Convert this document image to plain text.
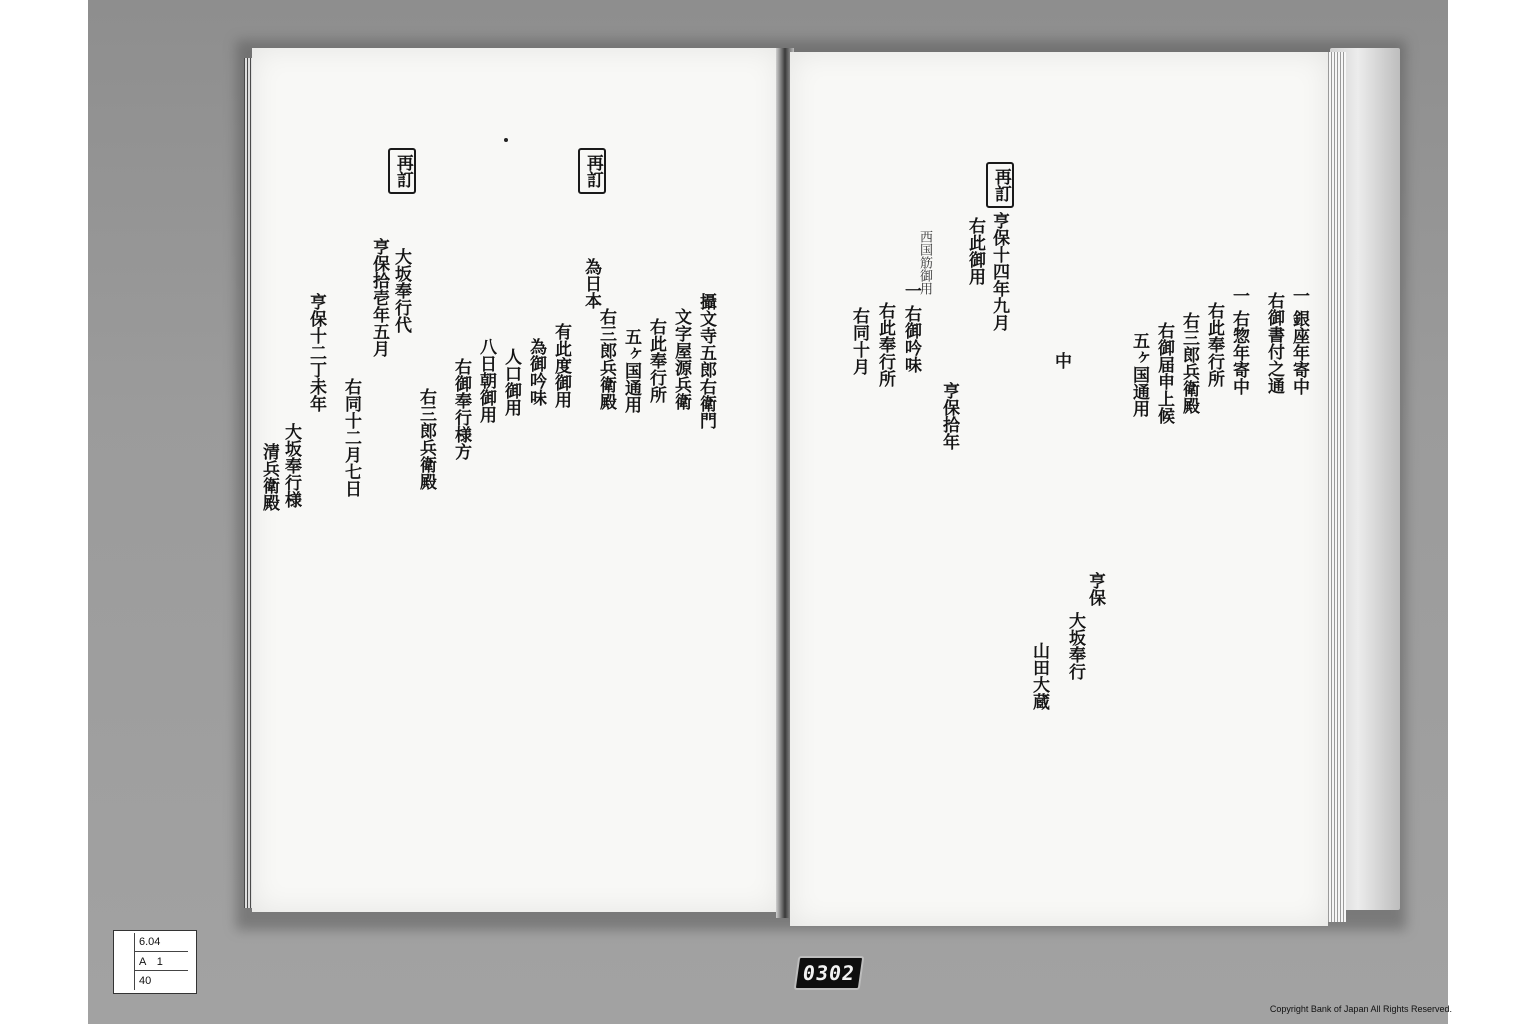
再訂	再訂
亨保拾壱年五月 大坂奉行代
右同十二月七日
亨保十二丁未年
為日本
攝文寺五郎右衛門
文字屋源兵衛
右此奉行所
五ヶ国通用
右三郎兵衛殿
有此度御用
為御吟味
人口御用
八日朝御用
右御奉行様方
右三郎兵衛殿
大坂奉行様
清兵衛殿
再訂
一 銀座年寄中
右御書付之通
一 右惣年寄中
右此奉行所
右三郎兵衛殿
右御届申上候
五ヶ国通用
中
亨保
大坂奉行
山田大蔵
亨保十四年九月
右此御用
亨保拾年
一 右御吟味
右此奉行所
右同十月
西国筋御用
6.04
A　1
40	0302
Copyright Bank of Japan All Rights Reserved.
